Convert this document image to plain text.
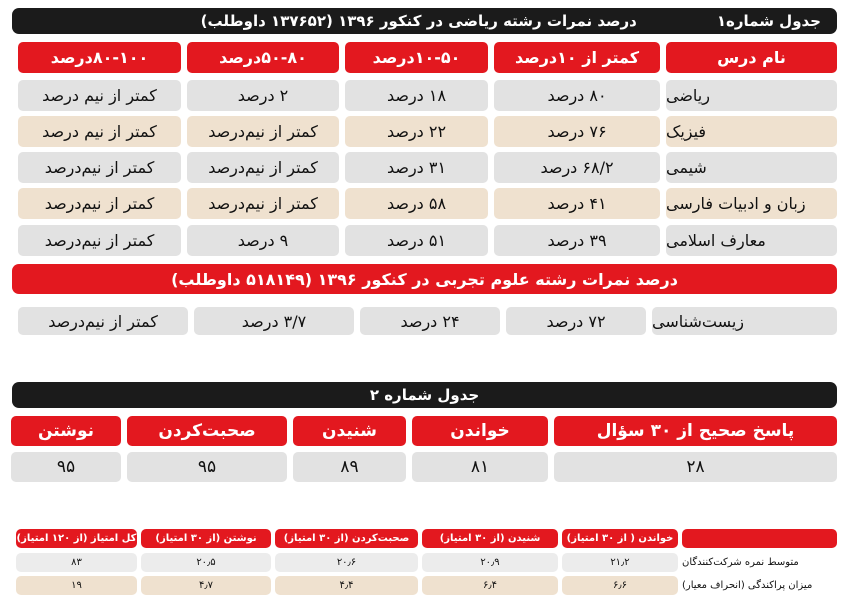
جدول شماره۱
درصد نمرات رشته ریاضی در کنکور ۱۳۹۶ (۱۳۷۶۵۲ داوطلب)
نام درس
کمتر از ۱۰درصد
۱۰-۵۰درصد
۵۰-۸۰درصد
۸۰-۱۰۰درصد
ریاضی
۸۰ درصد
۱۸ درصد
۲ درصد
کمتر از نیم درصد
فیزیک
۷۶ درصد
۲۲ درصد
کمتر از نیم‌درصد
کمتر از نیم درصد
شیمی
۶۸/۲ درصد
۳۱ درصد
کمتر از نیم‌درصد
کمتر از نیم‌درصد
زبان و ادبیات فارسی
۴۱ درصد
۵۸ درصد
کمتر از نیم‌درصد
کمتر از نیم‌درصد
معارف اسلامی
۳۹ درصد
۵۱ درصد
۹ درصد
کمتر از نیم‌درصد
درصد نمرات رشته علوم تجربی در کنکور ۱۳۹۶ (۵۱۸۱۴۹ داوطلب)
زیست‌شناسی
۷۲ درصد
۲۴ درصد
۳/۷ درصد
کمتر از نیم‌درصد
جدول شماره ۲
پاسخ صحیح از ۳۰ سؤال
خواندن
شنیدن
صحبت‌کردن
نوشتن
۲۸
۸۱
۸۹
۹۵
۹۵
خواندن ( از ۳۰ امتیاز)
شنیدن (از ۳۰ امتیاز)
صحبت‌کردن (از ۳۰ امتیاز)
نوشتن (از ۳۰ امتیاز)
کل امتیاز (از ۱۲۰ امتیاز)
متوسط نمره شرکت‌کنندگان
۲۱٫۲
۲۰٫۹
۲۰٫۶
۲۰٫۵
۸۳
میزان پراکندگی (انحراف معیار)
۶٫۶
۶٫۴
۴٫۴
۴٫۷
۱۹
